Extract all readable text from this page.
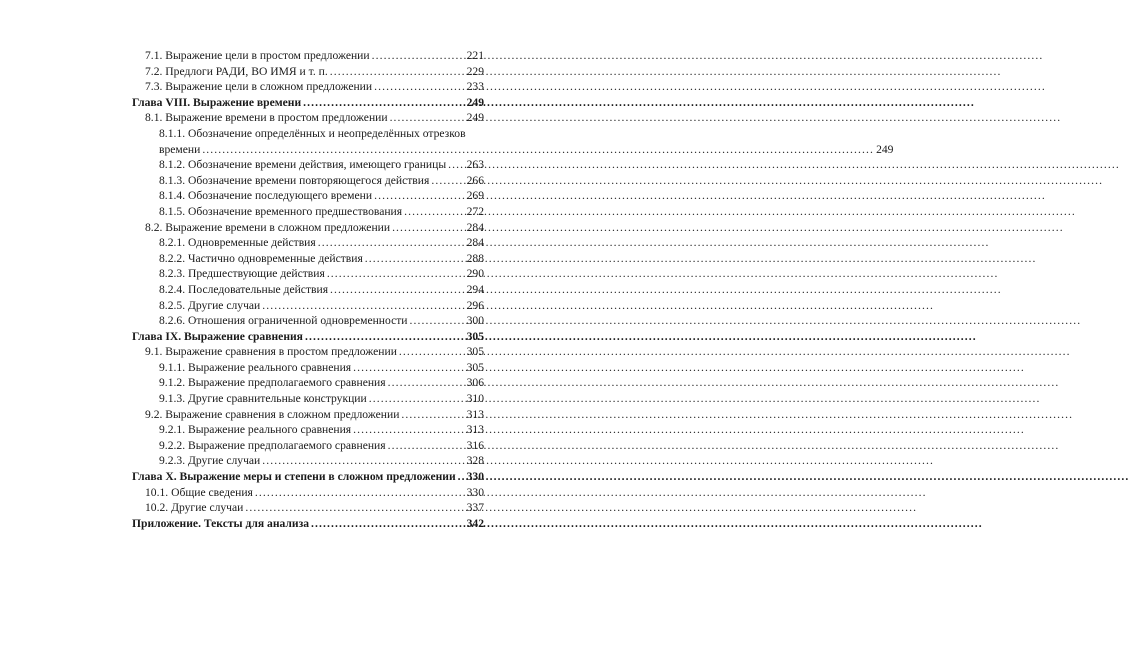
7.1. Выражение цели в простом предложении .....	221
7.2. Предлоги РАДИ, ВО ИМЯ и т. п. .....	229
7.3. Выражение цели в сложном предложении .....	233
Глава VIII. Выражение времени .....	249
8.1. Выражение времени в простом предложении .....	249
8.1.1. Обозначение определённых и неопределённых отрезков
времени .....	249
8.1.2. Обозначение времени действия, имеющего границы ..... 263
8.1.3. Обозначение времени повторяющегося действия .....	266
8.1.4. Обозначение последующего времени .....	269
8.1.5. Обозначение временного предшествования .....	272
8.2. Выражение времени в сложном предложении .....	284
8.2.1. Одновременные действия .....	284
8.2.2. Частично одновременные действия .....	288
8.2.3. Предшествующие действия .....	290
8.2.4. Последовательные действия .....	294
8.2.5. Другие случаи .....	296
8.2.6. Отношения ограниченной одновременности .....	300
Глава IX. Выражение сравнения .....	305
9.1. Выражение сравнения в простом предложении .....	305
9.1.1. Выражение реального сравнения .....	305
9.1.2. Выражение предполагаемого сравнения .....	306
9.1.3. Другие сравнительные конструкции .....	310
9.2. Выражение сравнения в сложном предложении .....	313
9.2.1. Выражение реального сравнения .....	313
9.2.2. Выражение предполагаемого сравнения .....	316
9.2.3. Другие случаи .....	328
Глава X. Выражение меры и степени в сложном предложении ..... 330
10.1. Общие сведения .....	330
10.2. Другие случаи .....	337
Приложение. Тексты для анализа .....	342
